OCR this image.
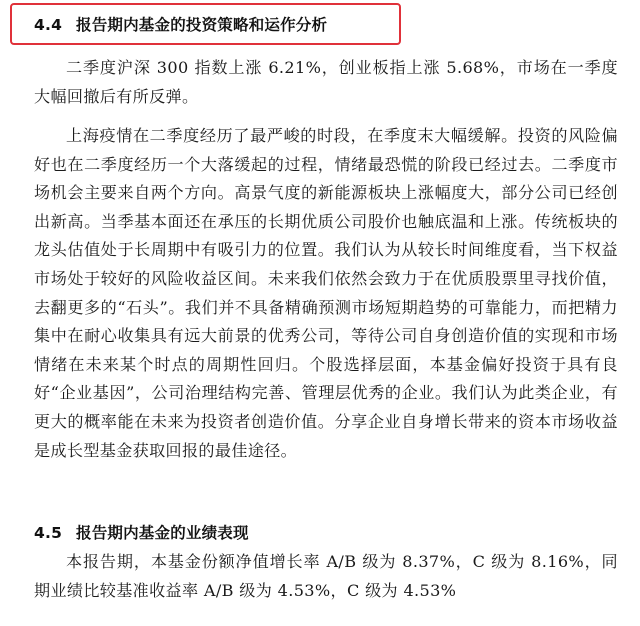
4.4 报告期内基金的投资策略和运作分析

二季度沪深 300 指数上涨 6.21%，创业板指上涨 5.68%，市场在一季度大幅回撤后有所反弹。

上海疫情在二季度经历了最严峻的时段，在季度末大幅缓解。投资的风险偏好也在二季度经历一个大落缓起的过程，情绪最恐慌的阶段已经过去。二季度市场机会主要来自两个方向。高景气度的新能源板块上涨幅度大，部分公司已经创出新高。当季基本面还在承压的长期优质公司股价也触底温和上涨。传统板块的龙头估值处于长周期中有吸引力的位置。我们认为从较长时间维度看，当下权益市场处于较好的风险收益区间。未来我们依然会致力于在优质股票里寻找价值，去翻更多的“石头”。我们并不具备精确预测市场短期趋势的可靠能力，而把精力集中在耐心收集具有远大前景的优秀公司，等待公司自身创造价值的实现和市场情绪在未来某个时点的周期性回归。个股选择层面，本基金偏好投资于具有良好“企业基因”，公司治理结构完善、管理层优秀的企业。我们认为此类企业，有更大的概率能在未来为投资者创造价值。分享企业自身增长带来的资本市场收益是成长型基金获取回报的最佳途径。

4.5 报告期内基金的业绩表现

本报告期，本基金份额净值增长率 A/B 级为 8.37%，C 级为 8.16%，同期业绩比较基准收益率 A/B 级为 4.53%，C 级为 4.53%
